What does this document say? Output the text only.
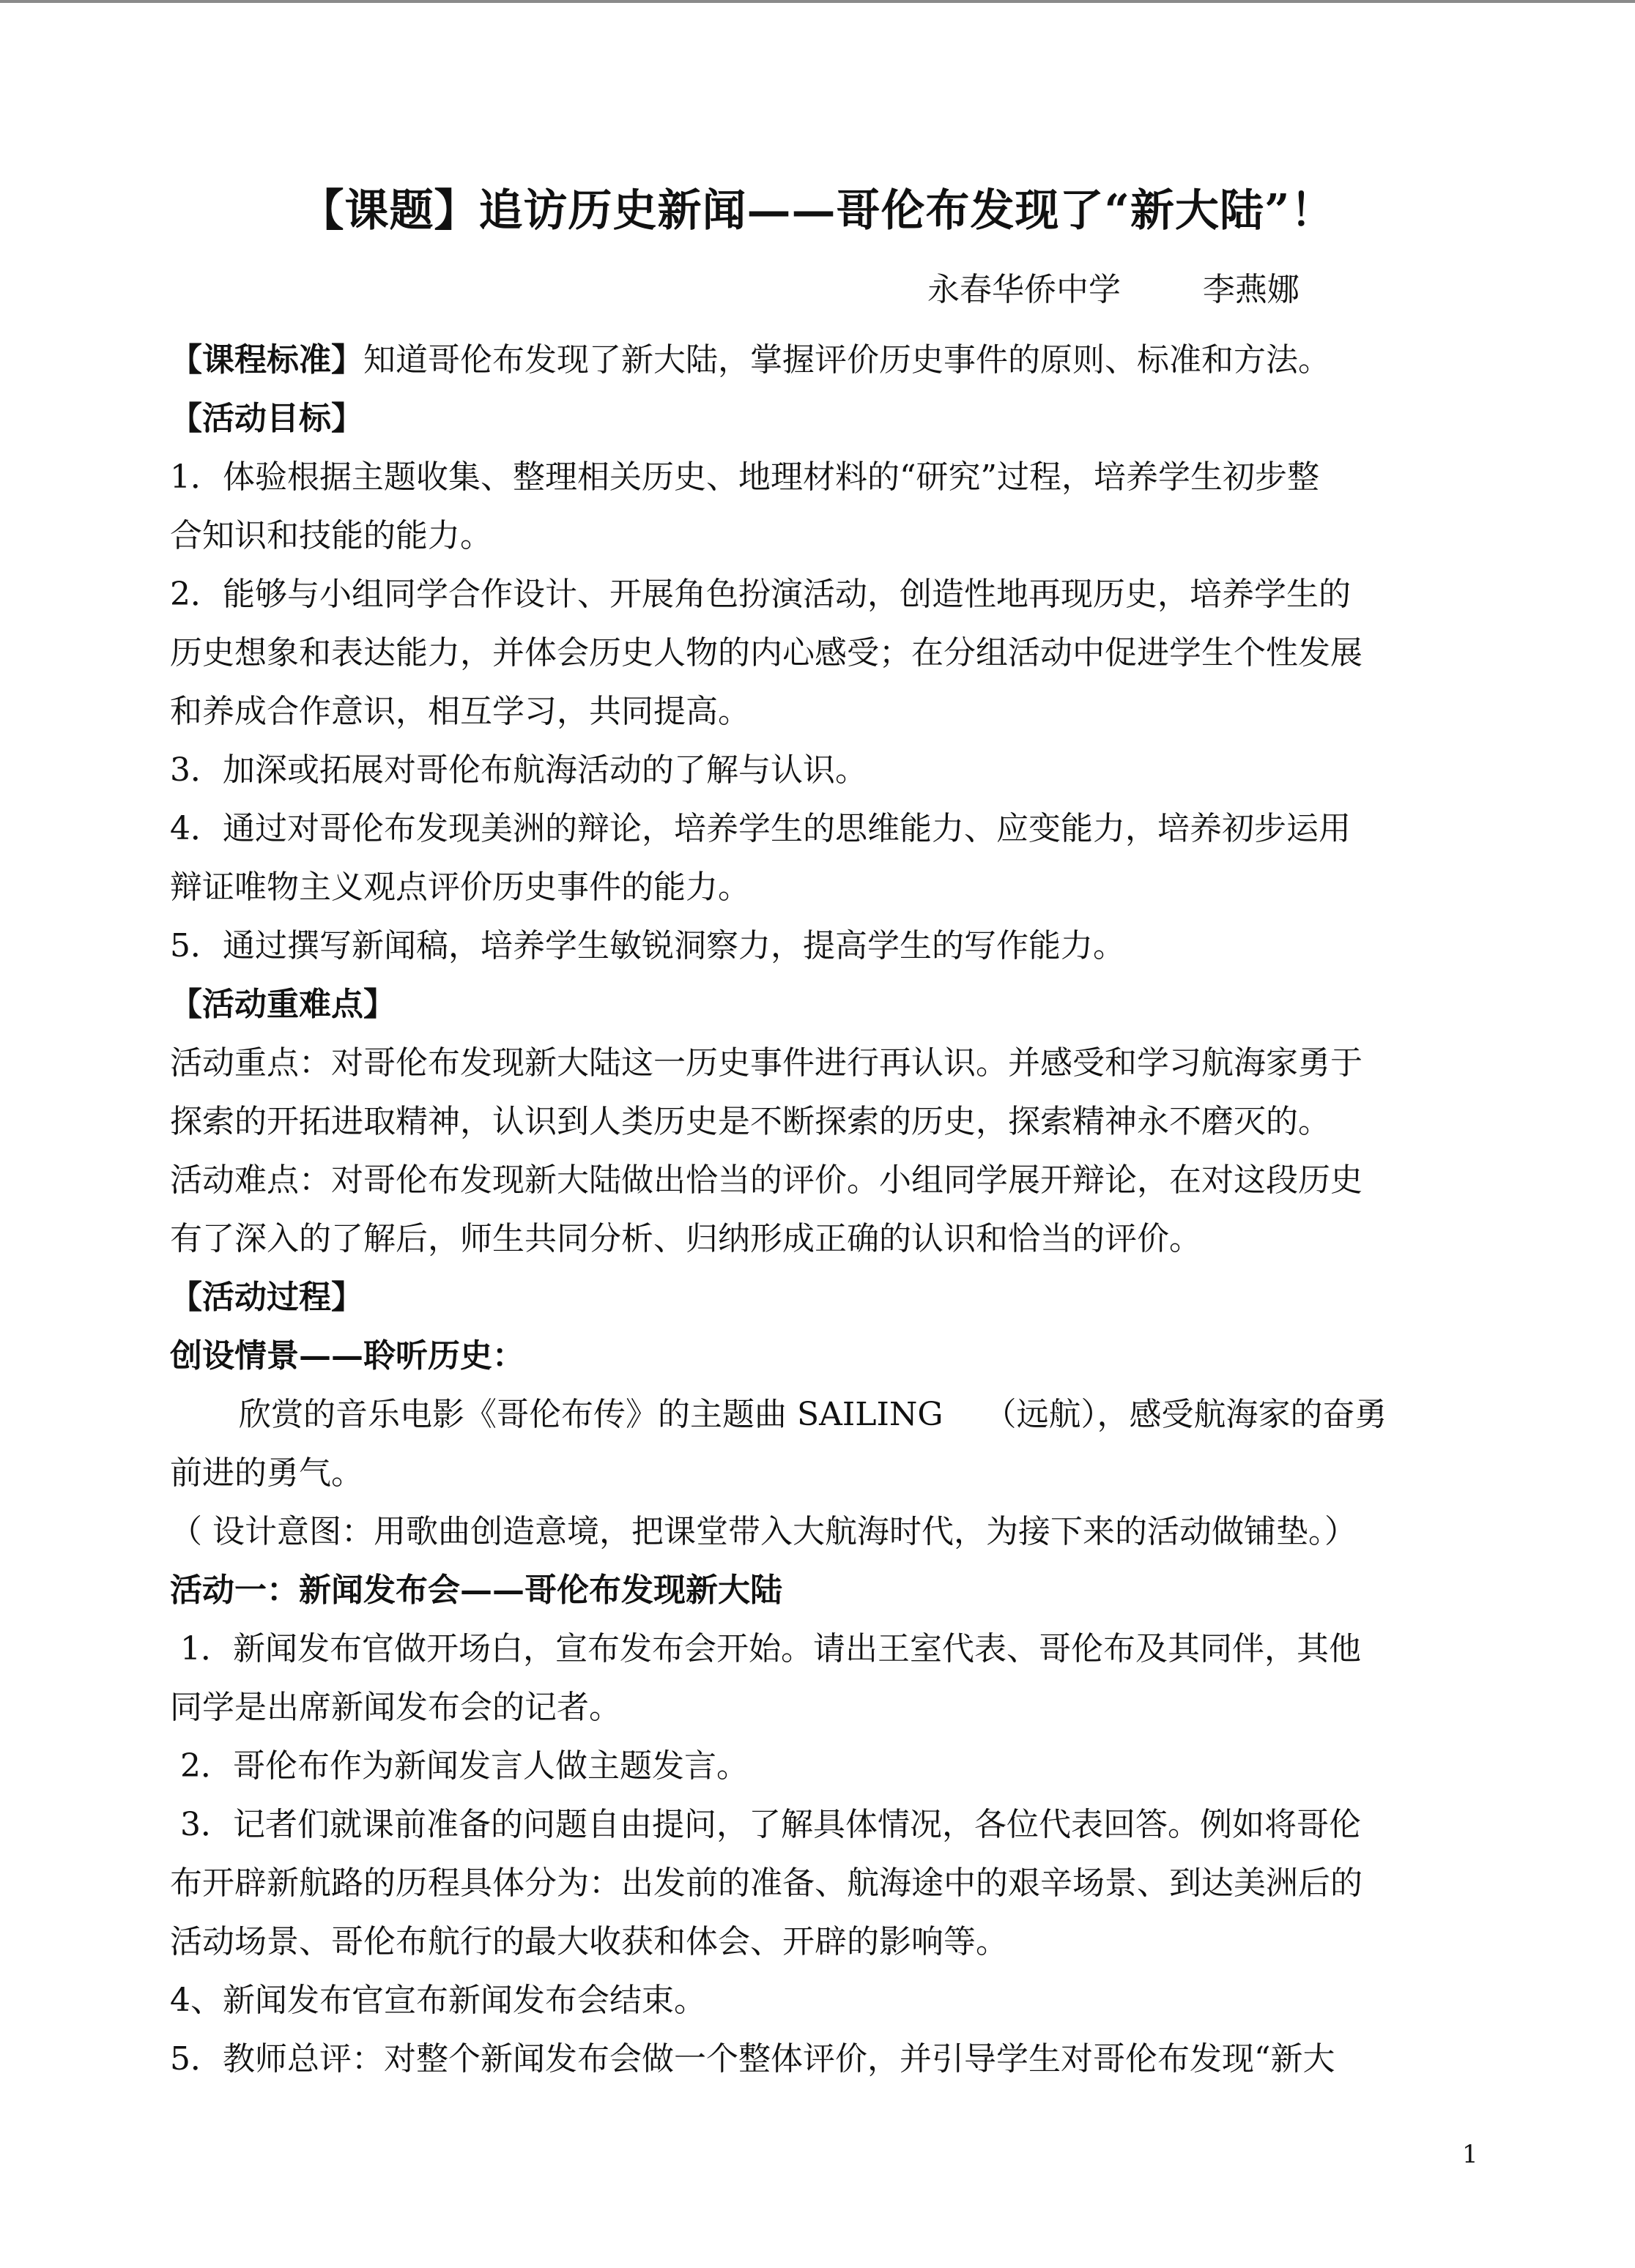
【课题】追访历史新闻——哥伦布发现了“新大陆”！
永春华侨中学        李燕娜
【课程标准】知道哥伦布发现了新大陆，掌握评价历史事件的原则、标准和方法。
【活动目标】
1．体验根据主题收集、整理相关历史、地理材料的“研究”过程，培养学生初步整
合知识和技能的能力。
2．能够与小组同学合作设计、开展角色扮演活动，创造性地再现历史，培养学生的
历史想象和表达能力，并体会历史人物的内心感受；在分组活动中促进学生个性发展
和养成合作意识，相互学习，共同提高。
3．加深或拓展对哥伦布航海活动的了解与认识。
4．通过对哥伦布发现美洲的辩论，培养学生的思维能力、应变能力，培养初步运用
辩证唯物主义观点评价历史事件的能力。
5．通过撰写新闻稿，培养学生敏锐洞察力，提高学生的写作能力。
【活动重难点】
活动重点：对哥伦布发现新大陆这一历史事件进行再认识。并感受和学习航海家勇于
探索的开拓进取精神，认识到人类历史是不断探索的历史，探索精神永不磨灭的。
活动难点：对哥伦布发现新大陆做出恰当的评价。小组同学展开辩论，在对这段历史
有了深入的了解后，师生共同分析、归纳形成正确的认识和恰当的评价。
【活动过程】
创设情景——聆听历史：
欣赏的音乐电影《哥伦布传》的主题曲 SAILING    （远航），感受航海家的奋勇
前进的勇气。
（ 设计意图：用歌曲创造意境，把课堂带入大航海时代，为接下来的活动做铺垫。）
活动一：新闻发布会——哥伦布发现新大陆
1．新闻发布官做开场白，宣布发布会开始。请出王室代表、哥伦布及其同伴，其他
同学是出席新闻发布会的记者。
2．哥伦布作为新闻发言人做主题发言。
3．记者们就课前准备的问题自由提问，了解具体情况，各位代表回答。例如将哥伦
布开辟新航路的历程具体分为：出发前的准备、航海途中的艰辛场景、到达美洲后的
活动场景、哥伦布航行的最大收获和体会、开辟的影响等。
4、新闻发布官宣布新闻发布会结束。
5．教师总评：对整个新闻发布会做一个整体评价，并引导学生对哥伦布发现“新大
1
